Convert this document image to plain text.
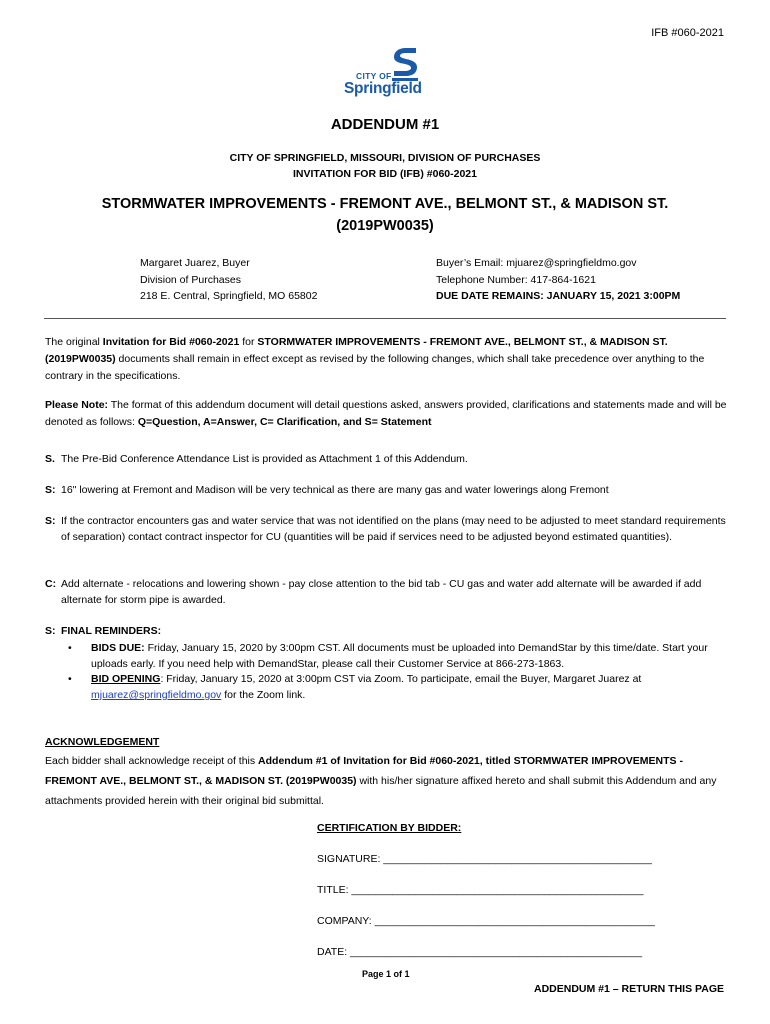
IFB #060-2021
CITY OF
Springfield
ADDENDUM #1
CITY OF SPRINGFIELD, MISSOURI, DIVISION OF PURCHASES
INVITATION FOR BID (IFB) #060-2021
STORMWATER IMPROVEMENTS - FREMONT AVE., BELMONT ST., & MADISON ST.
(2019PW0035)
Margaret Juarez, Buyer
Division of Purchases
218 E. Central, Springfield, MO 65802
Buyer’s Email: mjuarez@springfieldmo.gov
Telephone Number: 417-864-1621
DUE DATE REMAINS: JANUARY 15, 2021 3:00PM
The original Invitation for Bid #060-2021 for STORMWATER IMPROVEMENTS - FREMONT AVE., BELMONT ST., & MADISON ST. (2019PW0035) documents shall remain in effect except as revised by the following changes, which shall take precedence over anything to the contrary in the specifications.
Please Note: The format of this addendum document will detail questions asked, answers provided, clarifications and statements made and will be denoted as follows: Q=Question, A=Answer, C= Clarification, and S= Statement
S. The Pre-Bid Conference Attendance List is provided as Attachment 1 of this Addendum.
S: 16" lowering at Fremont and Madison will be very technical as there are many gas and water lowerings along Fremont
S: If the contractor encounters gas and water service that was not identified on the plans (may need to be adjusted to meet standard requirements of separation) contact contract inspector for CU (quantities will be paid if services need to be adjusted beyond estimated quantities).
C: Add alternate - relocations and lowering shown - pay close attention to the bid tab - CU gas and water add alternate will be awarded if add alternate for storm pipe is awarded.
S: FINAL REMINDERS:
• BIDS DUE: Friday, January 15, 2020 by 3:00pm CST. All documents must be uploaded into DemandStar by this time/date. Start your uploads early. If you need help with DemandStar, please call their Customer Service at 866-273-1863.
• BID OPENING: Friday, January 15, 2020 at 3:00pm CST via Zoom. To participate, email the Buyer, Margaret Juarez at mjuarez@springfieldmo.gov for the Zoom link.
ACKNOWLEDGEMENT
Each bidder shall acknowledge receipt of this Addendum #1 of Invitation for Bid #060-2021, titled STORMWATER IMPROVEMENTS - FREMONT AVE., BELMONT ST., & MADISON ST. (2019PW0035) with his/her signature affixed hereto and shall submit this Addendum and any attachments provided herein with their original bid submittal.
CERTIFICATION BY BIDDER:
SIGNATURE: ______________________________________________
TITLE: __________________________________________________
COMPANY: ________________________________________________
DATE: __________________________________________________
Page 1 of 1
ADDENDUM #1 – RETURN THIS PAGE
